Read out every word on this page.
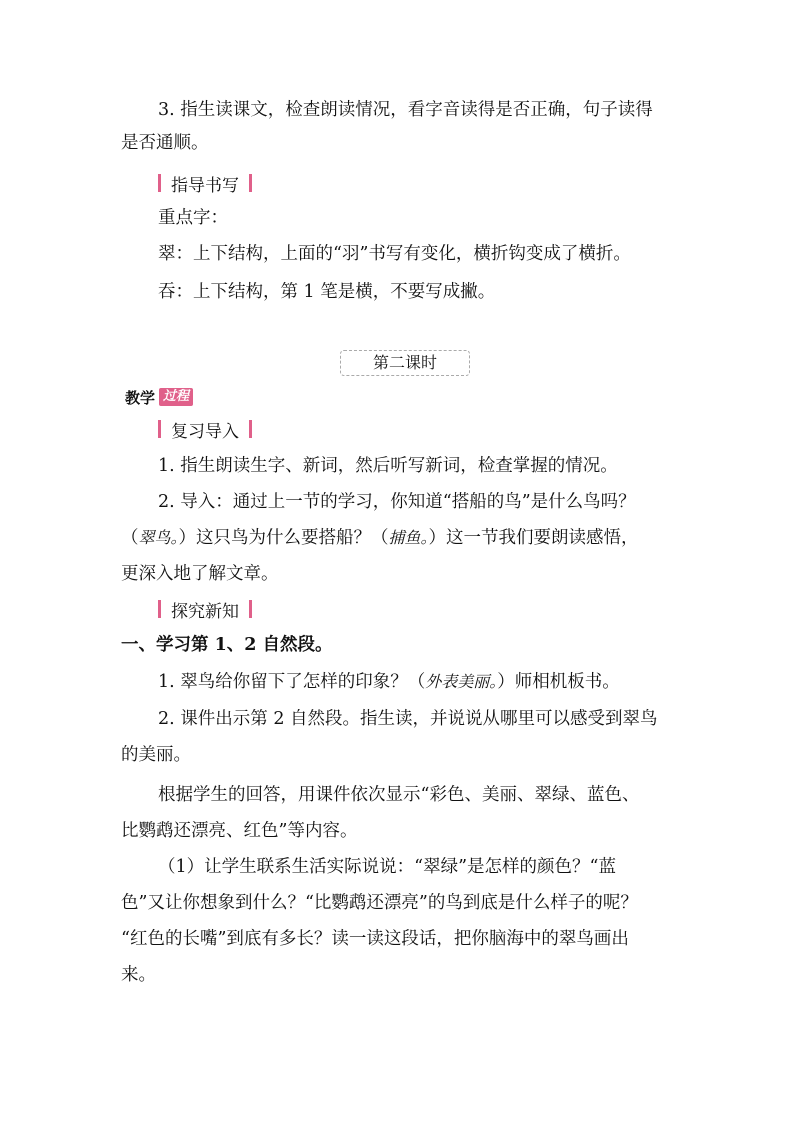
3. 指生读课文，检查朗读情况，看字音读得是否正确，句子读得
是否通顺。
指导书写
重点字：
翠：上下结构，上面的“羽”书写有变化，横折钩变成了横折。
吞：上下结构，第 1 笔是横，不要写成撇。
第二课时
教学 过程
复习导入
1. 指生朗读生字、新词，然后听写新词，检查掌握的情况。
2. 导入：通过上一节的学习，你知道“搭船的鸟”是什么鸟吗？
（翠鸟。）这只鸟为什么要搭船？（捕鱼。）这一节我们要朗读感悟，
更深入地了解文章。
探究新知
一、学习第 1、2 自然段。
1. 翠鸟给你留下了怎样的印象？（外表美丽。）师相机板书。
2. 课件出示第 2 自然段。指生读，并说说从哪里可以感受到翠鸟
的美丽。
根据学生的回答，用课件依次显示“彩色、美丽、翠绿、蓝色、
比鹦鹉还漂亮、红色”等内容。
（1）让学生联系生活实际说说：“翠绿”是怎样的颜色？“蓝
色”又让你想象到什么？“比鹦鹉还漂亮”的鸟到底是什么样子的呢？
“红色的长嘴”到底有多长？读一读这段话，把你脑海中的翠鸟画出
来。
